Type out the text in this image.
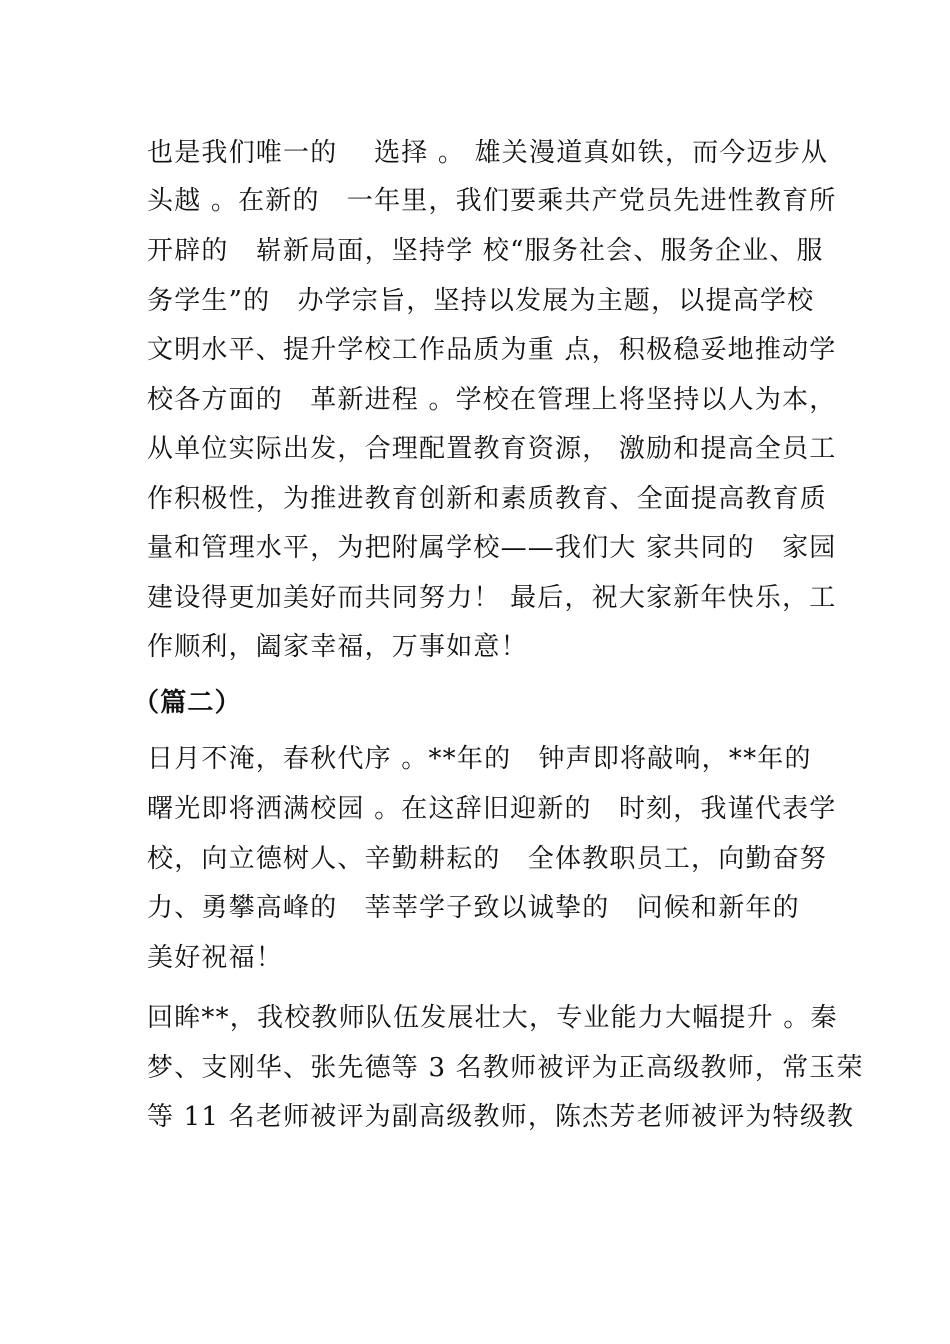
也是我们唯一的　 选择 。 雄关漫道真如铁，而今迈步从

头越 。在新的　一年里，我们要乘共产党员先进性教育所

开辟的　崭新局面，坚持学 校“服务社会、服务企业、服

务学生”的　办学宗旨，坚持以发展为主题，以提高学校

文明水平、提升学校工作品质为重 点，积极稳妥地推动学

校各方面的　革新进程 。学校在管理上将坚持以人为本，

从单位实际出发，合理配置教育资源， 激励和提高全员工

作积极性，为推进教育创新和素质教育、全面提高教育质

量和管理水平，为把附属学校——我们大 家共同的　家园

建设得更加美好而共同努力！ 最后，祝大家新年快乐，工

作顺利，阖家幸福，万事如意！

（篇二）

日月不淹，春秋代序 。**年的　钟声即将敲响，**年的

曙光即将洒满校园 。在这辞旧迎新的　时刻，我谨代表学

校，向立德树人、辛勤耕耘的　全体教职员工，向勤奋努

力、勇攀高峰的　莘莘学子致以诚挚的　问候和新年的

美好祝福！

回眸**，我校教师队伍发展壮大，专业能力大幅提升 。秦

梦、支刚华、张先德等 3 名教师被评为正高级教师，常玉荣

等 11 名老师被评为副高级教师，陈杰芳老师被评为特级教
